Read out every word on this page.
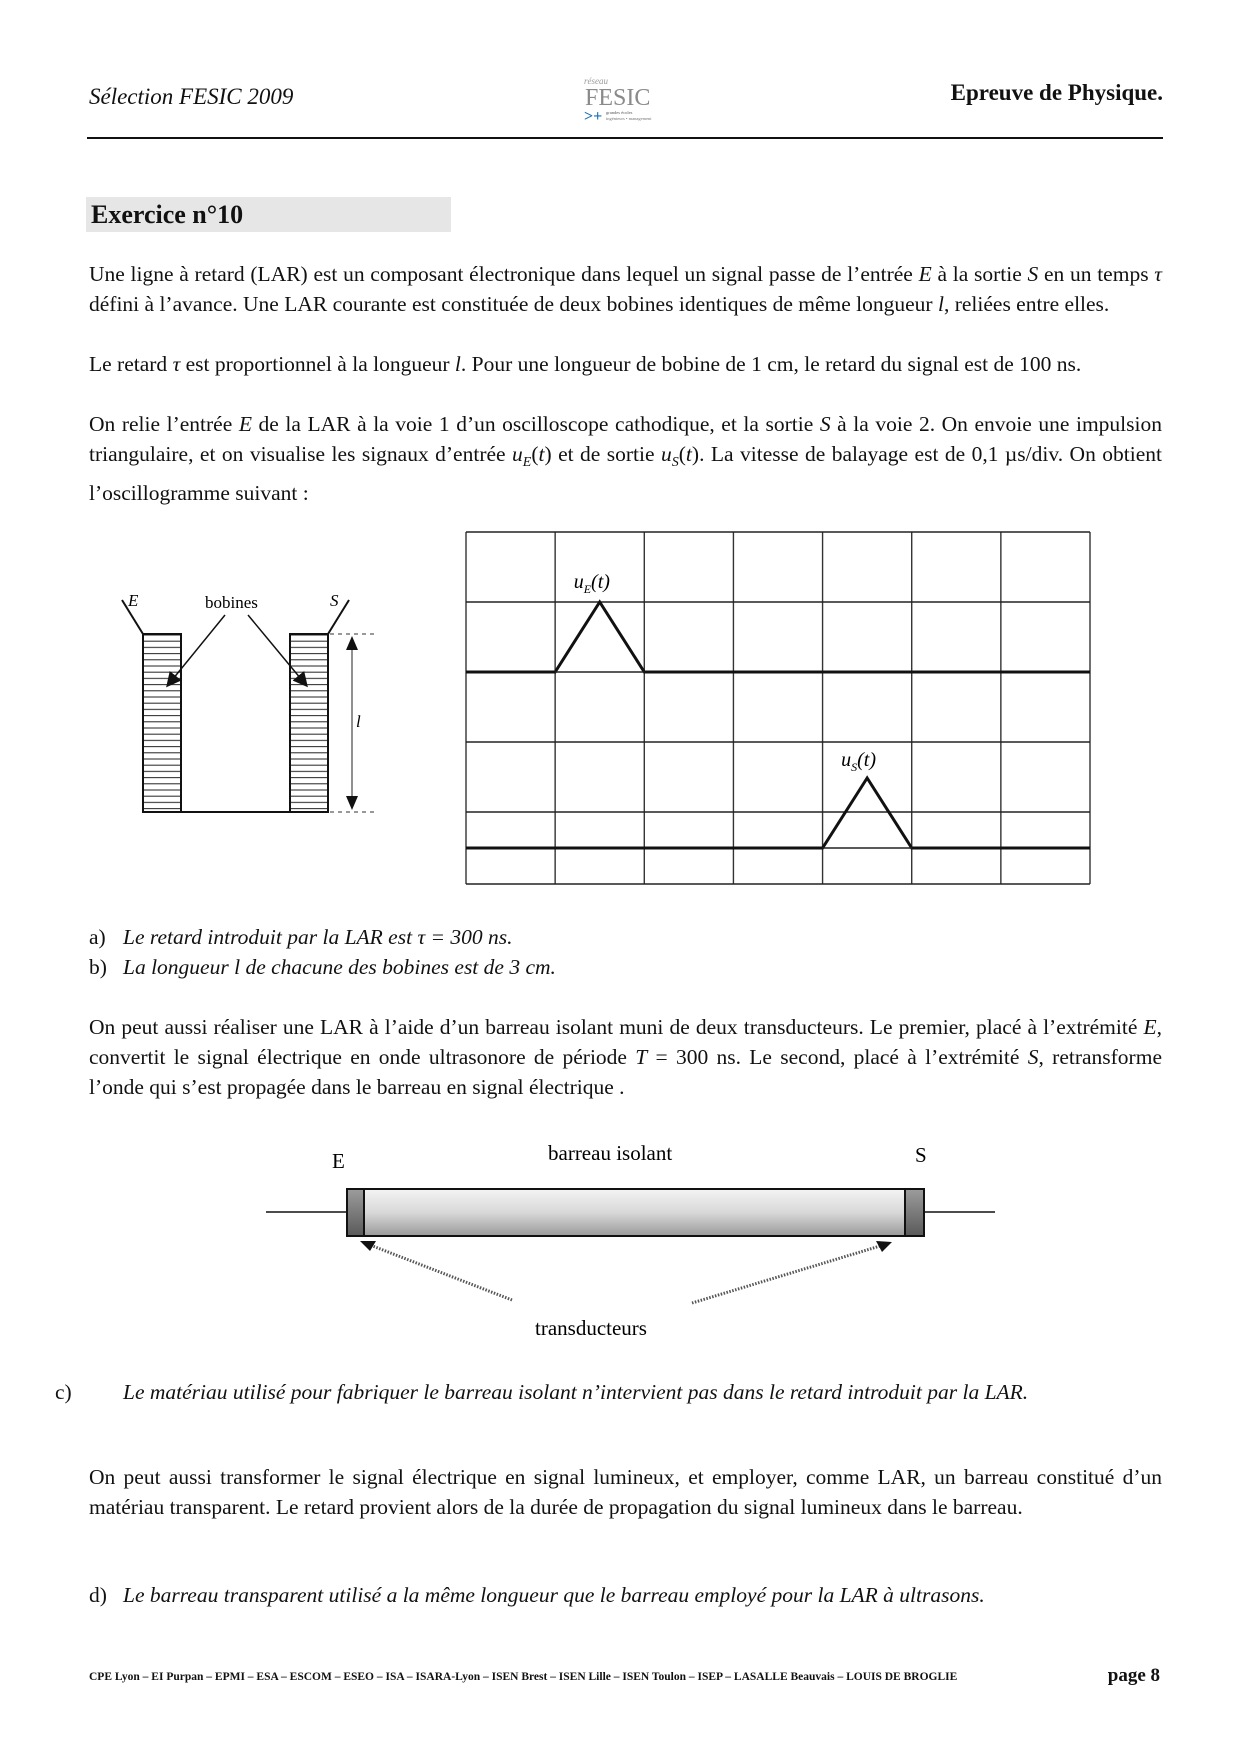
Sélection FESIC 2009
réseau
FESIC
>+ grandes écoles
ingénieurs • management
Epreuve de Physique.
Exercice n°10
Une ligne à retard (LAR) est un composant électronique dans lequel un signal passe de l’entrée E à la sortie S en un temps τ défini à l’avance. Une LAR courante est constituée de deux bobines identiques de même longueur l, reliées entre elles.
Le retard τ est proportionnel à la longueur l. Pour une longueur de bobine de 1 cm, le retard du signal est de 100 ns.
On relie l’entrée E de la LAR à la voie 1 d’un oscilloscope cathodique, et la sortie S à la voie 2. On envoie une impulsion triangulaire, et on visualise les signaux d’entrée $u_E(t)$ et de sortie $u_S(t)$. La vitesse de balayage est de 0,1 µs/div. On obtient l’oscillogramme suivant :
E	S
bobines
l
$u_E(t)$
$u_S(t)$
a) Le retard introduit par la LAR est τ = 300 ns.
b) La longueur l de chacune des bobines est de 3 cm.
On peut aussi réaliser une LAR à l’aide d’un barreau isolant muni de deux transducteurs. Le premier, placé à l’extrémité E, convertit le signal électrique en onde ultrasonore de période T = 300 ns. Le second, placé à l’extrémité S, retransforme l’onde qui s’est propagée dans le barreau en signal électrique .
E	barreau isolant	S
transducteurs
c) Le matériau utilisé pour fabriquer le barreau isolant n’intervient pas dans le retard introduit par la LAR.
On peut aussi transformer le signal électrique en signal lumineux, et employer, comme LAR, un barreau constitué d’un matériau transparent. Le retard provient alors de la durée de propagation du signal lumineux dans le barreau.
d) Le barreau transparent utilisé a la même longueur que le barreau employé pour la LAR à ultrasons.
CPE Lyon – EI Purpan – EPMI – ESA – ESCOM – ESEO – ISA – ISARA-Lyon – ISEN Brest – ISEN Lille – ISEN Toulon – ISEP – LASALLE Beauvais – LOUIS DE BROGLIE	page 8
